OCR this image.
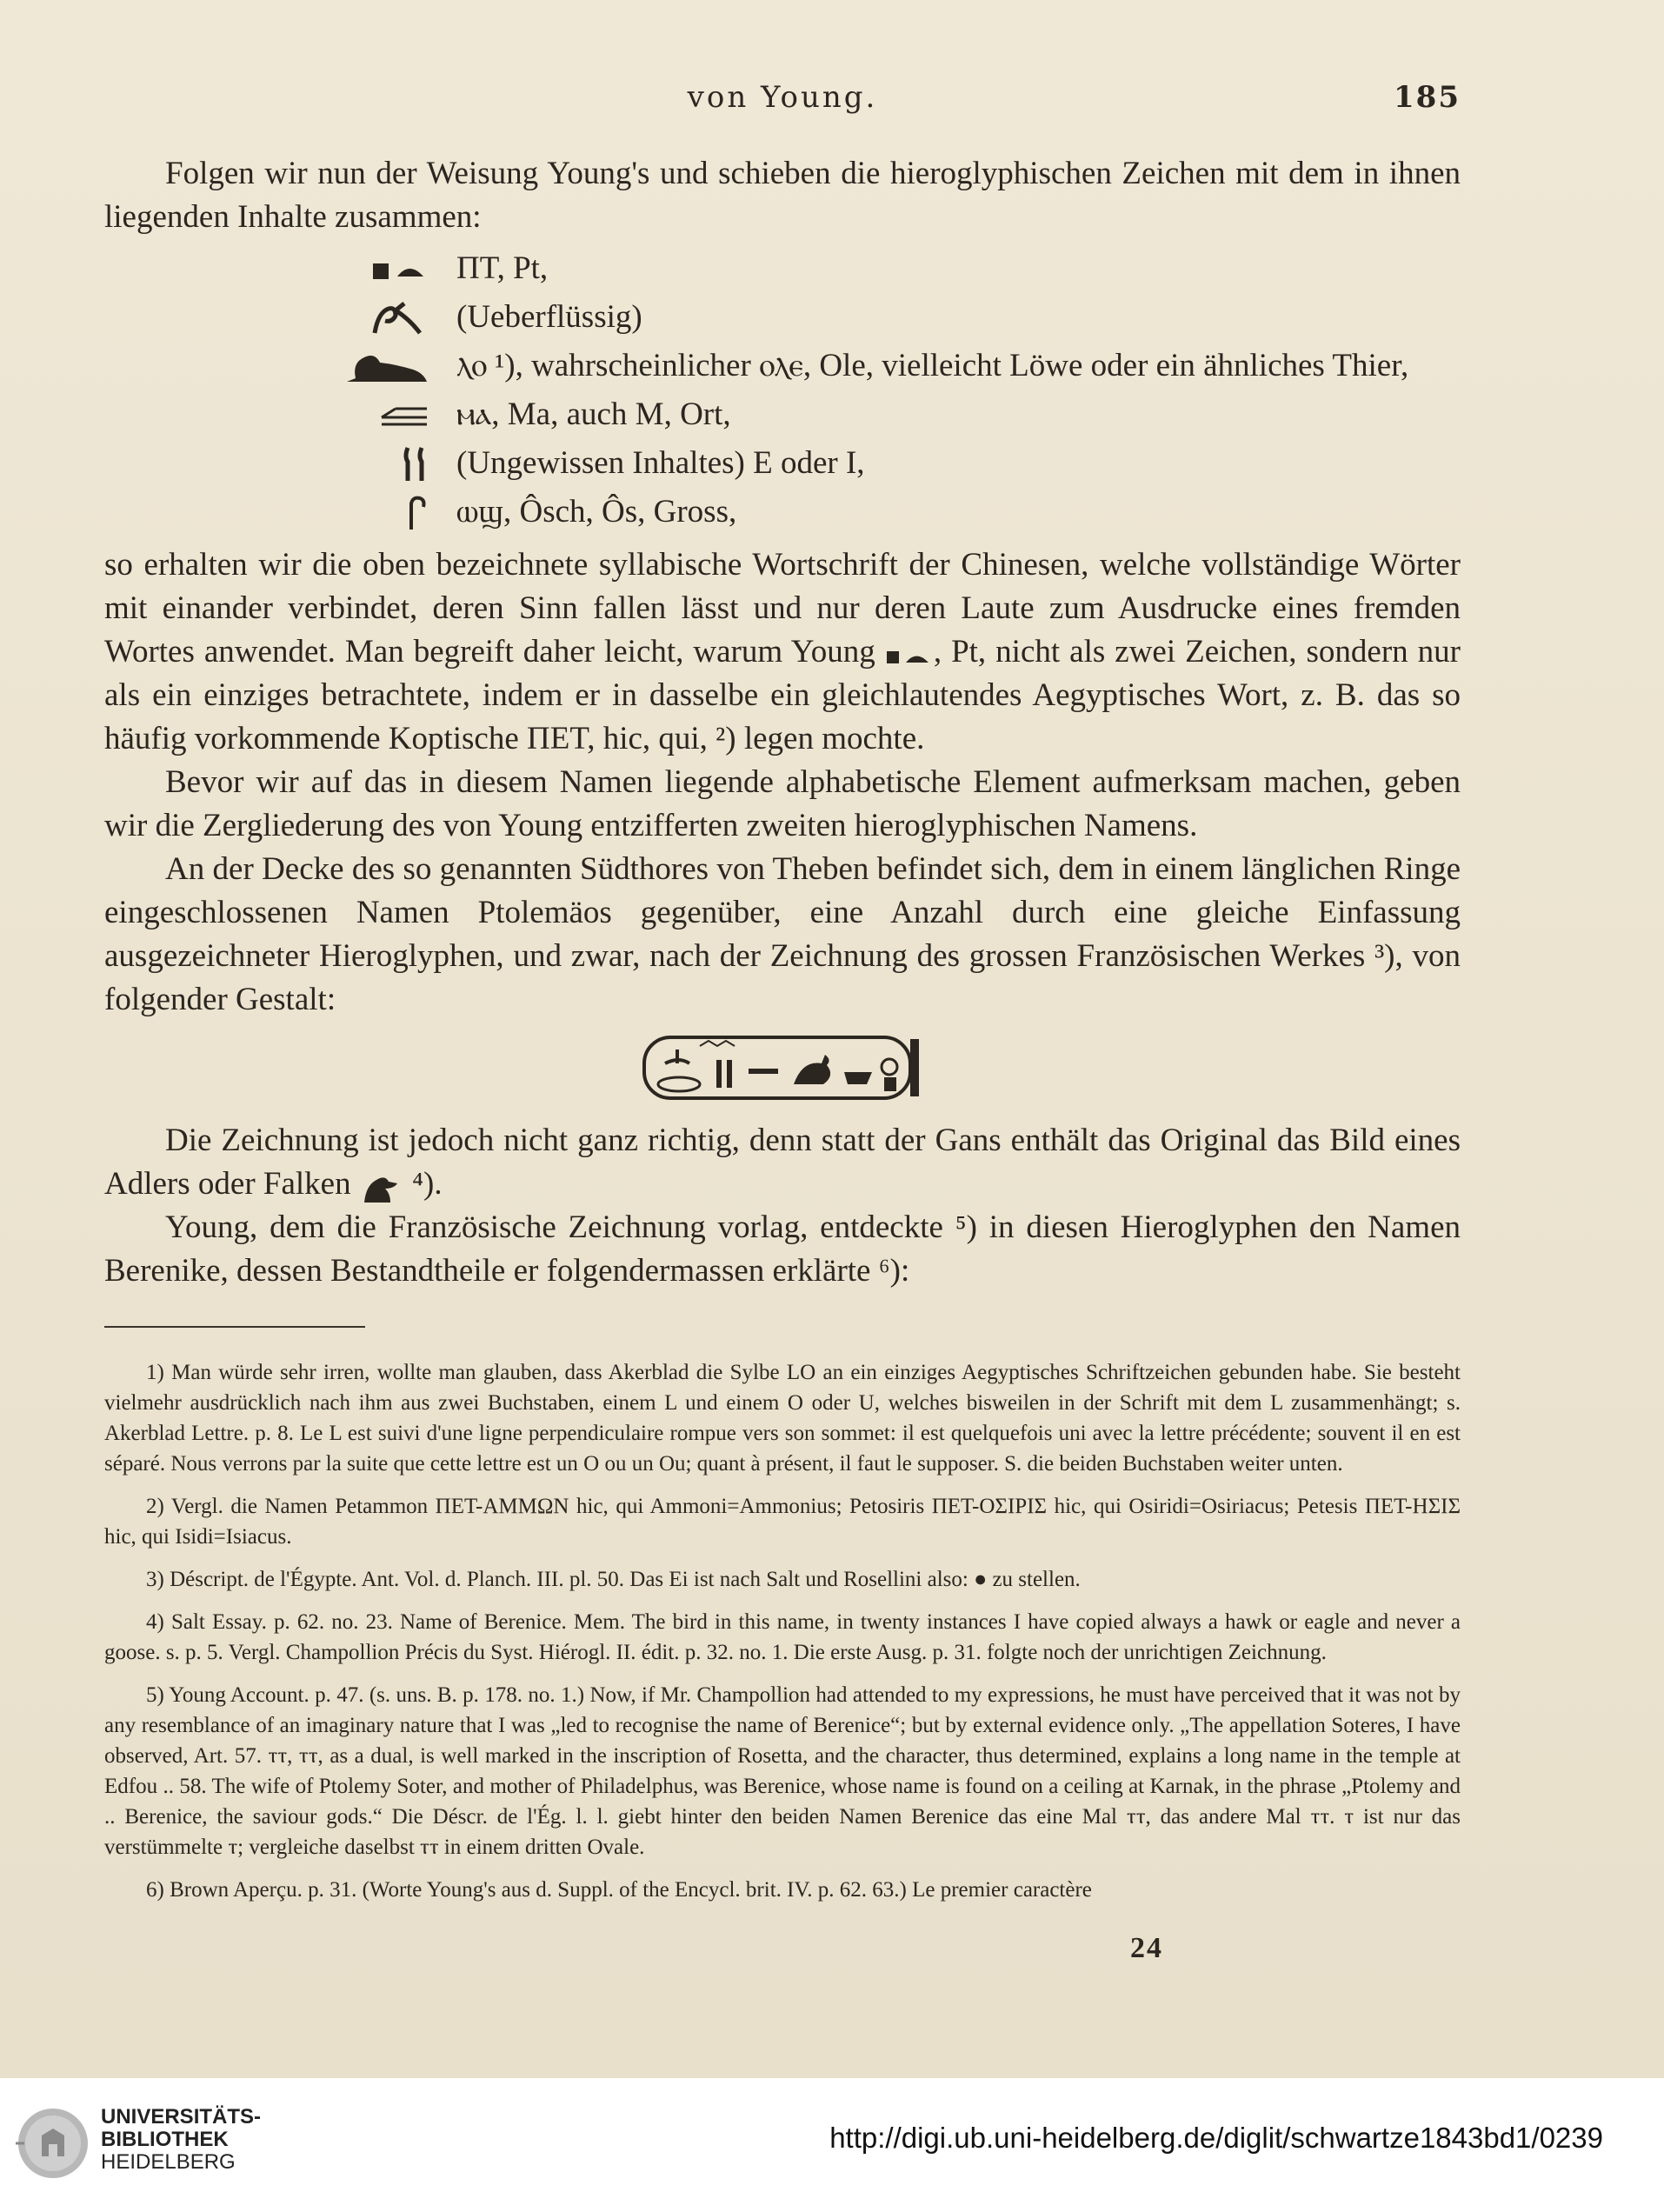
von Young.	185

Folgen wir nun der Weisung Young's und schieben die hieroglyphischen Zeichen mit dem in ihnen liegenden Inhalte zusammen:

ΠΤ, Pt,
(Ueberflüssig)
ⲗⲟ ¹), wahrscheinlicher ⲟⲗⲉ, Ole, vielleicht Löwe oder ein ähnliches Thier,
ⲙⲁ, Ma, auch M, Ort,
(Ungewissen Inhaltes) E oder I,
ⲱϣ, Ôsch, Ôs, Gross,

so erhalten wir die oben bezeichnete syllabische Wortschrift der Chinesen, welche vollständige Wörter mit einander verbindet, deren Sinn fallen lässt und nur deren Laute zum Ausdrucke eines fremden Wortes anwendet. Man begreift daher leicht, warum Young , Pt, nicht als zwei Zeichen, sondern nur als ein einziges betrachtete, indem er in dasselbe ein gleichlautendes Aegyptisches Wort, z. B. das so häufig vorkommende Koptische ΠΕΤ, hic, qui, ²) legen mochte.

Bevor wir auf das in diesem Namen liegende alphabetische Element aufmerksam machen, geben wir die Zergliederung des von Young entzifferten zweiten hieroglyphischen Namens.

An der Decke des so genannten Südthores von Theben befindet sich, dem in einem länglichen Ringe eingeschlossenen Namen Ptolemäos gegenüber, eine Anzahl durch eine gleiche Einfassung ausgezeichneter Hieroglyphen, und zwar, nach der Zeichnung des grossen Französischen Werkes ³), von folgender Gestalt:

Die Zeichnung ist jedoch nicht ganz richtig, denn statt der Gans enthält das Original das Bild eines Adlers oder Falken ⁴).

Young, dem die Französische Zeichnung vorlag, entdeckte ⁵) in diesen Hieroglyphen den Namen Berenike, dessen Bestandtheile er folgendermassen erklärte ⁶):

1) Man würde sehr irren, wollte man glauben, dass Akerblad die Sylbe LO an ein einziges Aegyptisches Schriftzeichen gebunden habe. Sie besteht vielmehr ausdrücklich nach ihm aus zwei Buchstaben, einem L und einem O oder U, welches bisweilen in der Schrift mit dem L zusammenhängt; s. Akerblad Lettre. p. 8. Le L est suivi d'une ligne perpendiculaire rompue vers son sommet: il est quelquefois uni avec la lettre précédente; souvent il en est séparé. Nous verrons par la suite que cette lettre est un O ou un Ou; quant à présent, il faut le supposer. S. die beiden Buchstaben weiter unten.

2) Vergl. die Namen Petammon ΠΕΤ-ΑΜΜΩΝ hic, qui Ammoni=Ammonius; Petosiris ΠΕΤ-ΟΣΙΡΙΣ hic, qui Osiridi=Osiriacus; Petesis ΠΕΤ-ΗΣΙΣ hic, qui Isidi=Isiacus.

3) Déscript. de l'Égypte. Ant. Vol. d. Planch. III. pl. 50. Das Ei ist nach Salt und Rosellini also: ● zu stellen.

4) Salt Essay. p. 62. no. 23. Name of Berenice. Mem. The bird in this name, in twenty instances I have copied always a hawk or eagle and never a goose. s. p. 5. Vergl. Champollion Précis du Syst. Hiérogl. II. édit. p. 32. no. 1. Die erste Ausg. p. 31. folgte noch der unrichtigen Zeichnung.

5) Young Account. p. 47. (s. uns. B. p. 178. no. 1.) Now, if Mr. Champollion had attended to my expressions, he must have perceived that it was not by any resemblance of an imaginary nature that I was „led to recognise the name of Berenice“; but by external evidence only. „The appellation Soteres, I have observed, Art. 57. ⲧⲧ, ⲧⲧ, as a dual, is well marked in the inscription of Rosetta, and the character, thus determined, explains a long name in the temple at Edfou .. 58. The wife of Ptolemy Soter, and mother of Philadelphus, was Berenice, whose name is found on a ceiling at Karnak, in the phrase „Ptolemy and .. Berenice, the saviour gods.“ Die Déscr. de l'Ég. l. l. giebt hinter den beiden Namen Berenice das eine Mal ⲧⲧ, das andere Mal ⲧⲧ. ⲧ ist nur das verstümmelte ⲧ; vergleiche daselbst ⲧⲧ in einem dritten Ovale.

6) Brown Aperçu. p. 31. (Worte Young's aus d. Suppl. of the Encycl. brit. IV. p. 62. 63.) Le premier caractère

24
UNIVERSITÄTS-
BIBLIOTHEK
HEIDELBERG
http://digi.ub.uni-heidelberg.de/diglit/schwartze1843bd1/0239
